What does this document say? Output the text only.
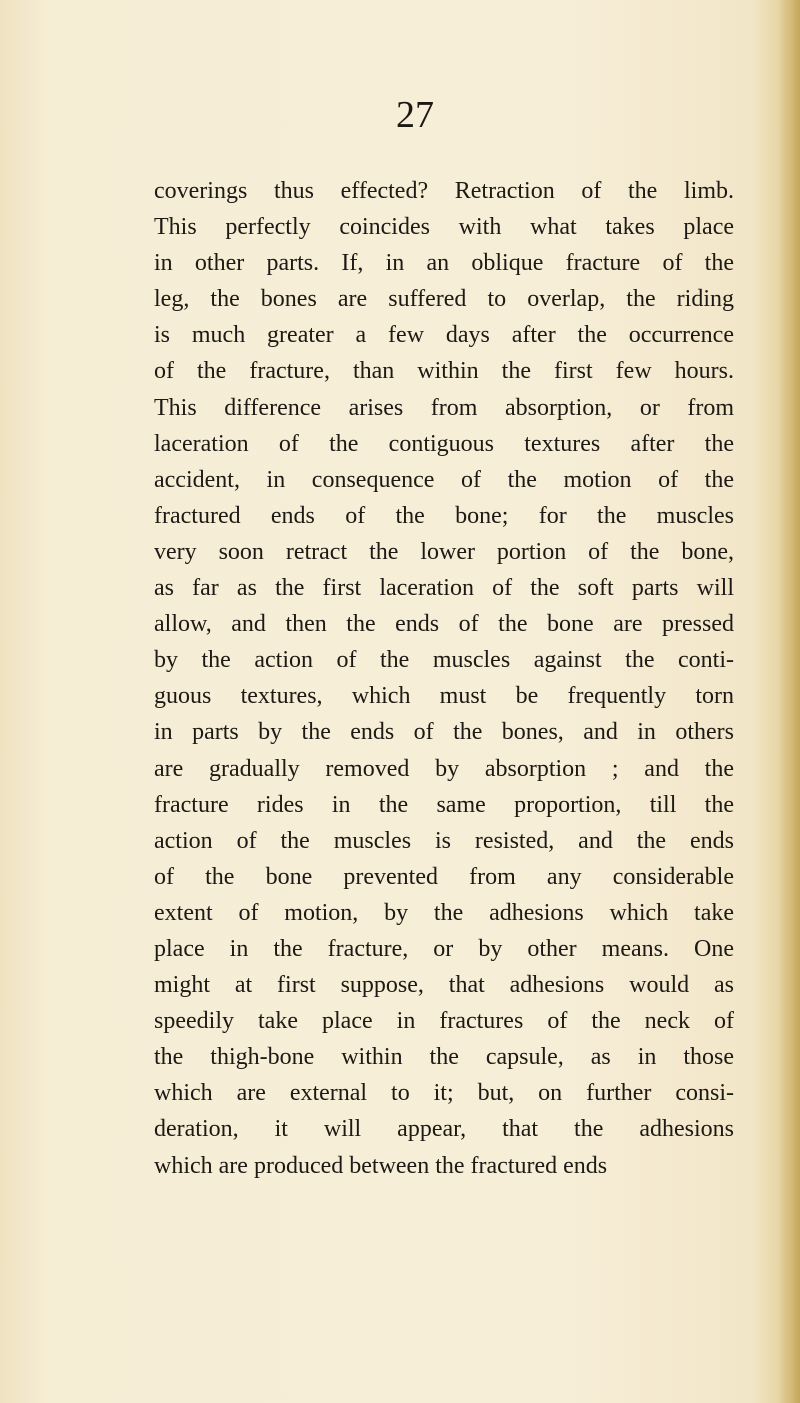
27
coverings thus effected? Retraction of the limb.
This perfectly coincides with what takes place
in other parts. If, in an oblique fracture of the
leg, the bones are suffered to overlap, the riding
is much greater a few days after the occurrence
of the fracture, than within the first few hours.
This difference arises from absorption, or from
laceration of the contiguous textures after the
accident, in consequence of the motion of the
fractured ends of the bone; for the muscles
very soon retract the lower portion of the bone,
as far as the first laceration of the soft parts will
allow, and then the ends of the bone are pressed
by the action of the muscles against the conti-
guous textures, which must be frequently torn
in parts by the ends of the bones, and in others
are gradually removed by absorption ; and the
fracture rides in the same proportion, till the
action of the muscles is resisted, and the ends
of the bone prevented from any considerable
extent of motion, by the adhesions which take
place in the fracture, or by other means. One
might at first suppose, that adhesions would as
speedily take place in fractures of the neck of
the thigh-bone within the capsule, as in those
which are external to it; but, on further consi-
deration, it will appear, that the adhesions
which are produced between the fractured ends
